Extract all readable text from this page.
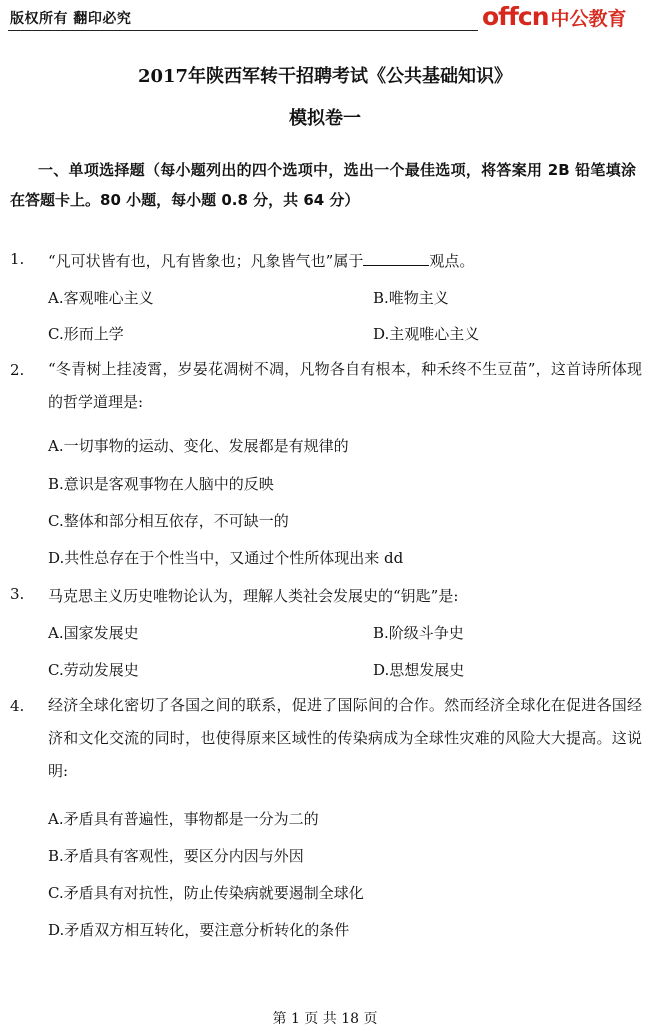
版权所有 翻印必究	offcn 中公教育
2017年陕西军转干招聘考试《公共基础知识》
模拟卷一
一、单项选择题（每小题列出的四个选项中，选出一个最佳选项，将答案用 2B 铅笔填涂在答题卡上。80 小题，每小题 0.8 分，共 64 分）
1. “凡可状皆有也，凡有皆象也；凡象皆气也”属于	观点。
A.客观唯心主义	B.唯物主义
C.形而上学	D.主观唯心主义
2. “冬青树上挂凌霄，岁晏花凋树不凋，凡物各自有根本，种禾终不生豆苗”，这首诗所体现的哲学道理是:
A.一切事物的运动、变化、发展都是有规律的
B.意识是客观事物在人脑中的反映
C.整体和部分相互依存，不可缺一的
D.共性总存在于个性当中，又通过个性所体现出来 dd
3. 马克思主义历史唯物论认为，理解人类社会发展史的“钥匙”是:
A.国家发展史	B.阶级斗争史
C.劳动发展史	D.思想发展史
4. 经济全球化密切了各国之间的联系，促进了国际间的合作。然而经济全球化在促进各国经济和文化交流的同时，也使得原来区域性的传染病成为全球性灾难的风险大大提高。这说明:
A.矛盾具有普遍性，事物都是一分为二的
B.矛盾具有客观性，要区分内因与外因
C.矛盾具有对抗性，防止传染病就要遏制全球化
D.矛盾双方相互转化，要注意分析转化的条件
第 1 页 共 18 页
